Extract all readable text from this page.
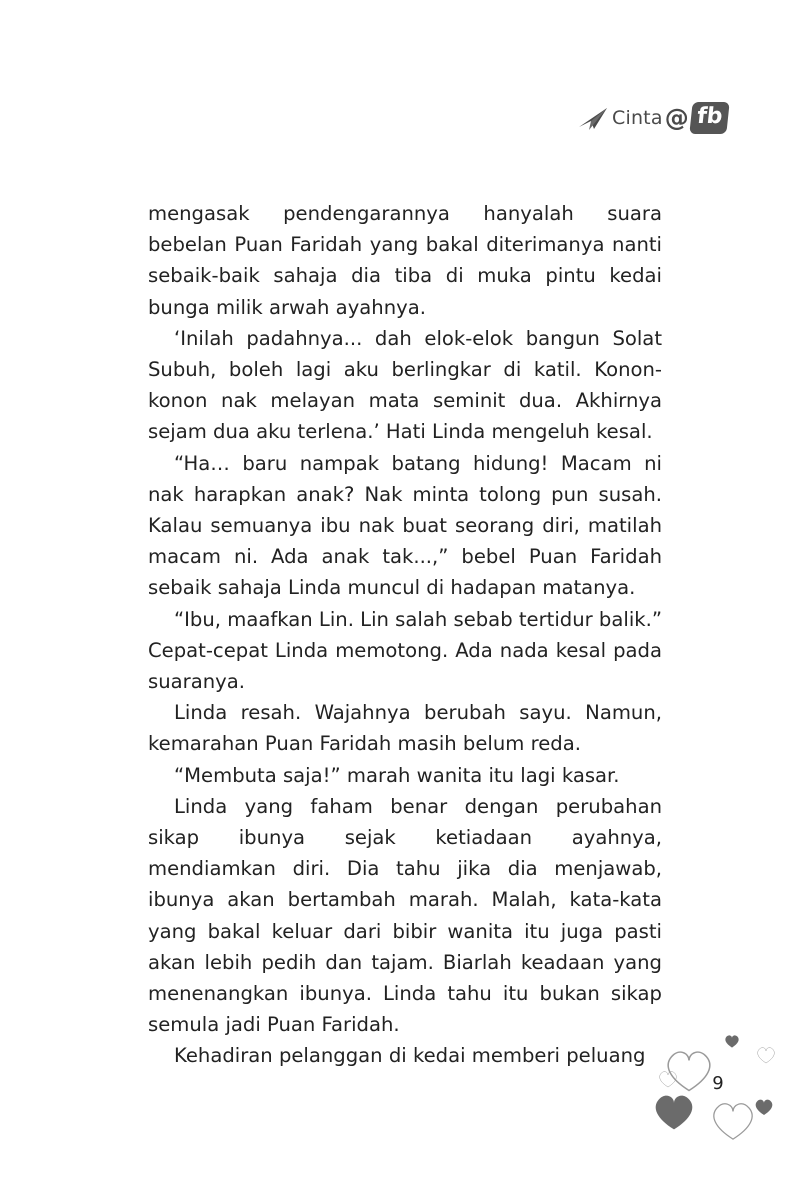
Cinta @ fb

mengasak pendengarannya hanyalah suara bebelan Puan Faridah yang bakal diterimanya nanti sebaik-baik sahaja dia tiba di muka pintu kedai bunga milik arwah ayahnya.

‘Inilah padahnya... dah elok-elok bangun Solat Subuh, boleh lagi aku berlingkar di katil. Konon-konon nak melayan mata seminit dua. Akhirnya sejam dua aku terlena.’ Hati Linda mengeluh kesal.

“Ha… baru nampak batang hidung! Macam ni nak harapkan anak? Nak minta tolong pun susah. Kalau semuanya ibu nak buat seorang diri, matilah macam ni. Ada anak tak...,” bebel Puan Faridah sebaik sahaja Linda muncul di hadapan matanya.

“Ibu, maafkan Lin. Lin salah sebab tertidur balik.” Cepat-cepat Linda memotong. Ada nada kesal pada suaranya.

Linda resah. Wajahnya berubah sayu. Namun, kemarahan Puan Faridah masih belum reda.

“Membuta saja!” marah wanita itu lagi kasar.

Linda yang faham benar dengan perubahan sikap ibunya sejak ketiadaan ayahnya, mendiamkan diri. Dia tahu jika dia menjawab, ibunya akan bertambah marah. Malah, kata-kata yang bakal keluar dari bibir wanita itu juga pasti akan lebih pedih dan tajam. Biarlah keadaan yang menenangkan ibunya. Linda tahu itu bukan sikap semula jadi Puan Faridah.

Kehadiran pelanggan di kedai memberi peluang

9
